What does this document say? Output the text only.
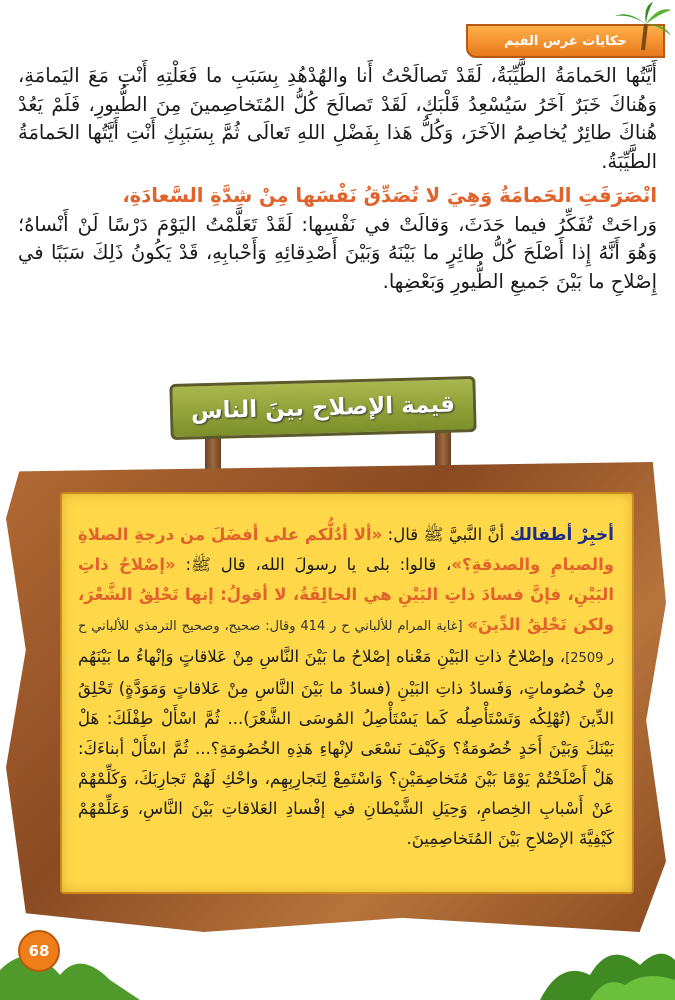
حكايات غرس القيم

أَيَّتُها الحَمامَةُ الطَّيِّبَةُ، لَقَدْ تَصالَحْتُ أَنا والهُدْهُدِ بِسَبَبِ ما فَعَلْتِهِ أَنْتِ مَعَ اليَمامَةِ، وَهُناكَ خَبَرٌ آخَرُ سَيُسْعِدُ قَلْبَكِ، لَقَدْ تَصالَحَ كُلُّ المُتَخاصِمينَ مِنَ الطُّيورِ، فَلَمْ يَعُدْ هُناكَ طائِرٌ يُخاصِمُ الآخَرَ، وَكُلُّ هَذا بِفَضْلِ اللهِ تَعالَى ثُمَّ بِسَبَبِكِ أَنْتِ أَيَّتُها الحَمامَةُ الطَّيِّبَةُ.

انْصَرَفَتِ الحَمامَةُ وَهِيَ لا تُصَدِّقُ نَفْسَها مِنْ شِدَّةِ السَّعادَةِ،

وَراحَتْ تُفَكِّرُ فيما حَدَثَ، وَقالَتْ في نَفْسِها: لَقَدْ تَعَلَّمْتُ اليَوْمَ دَرْسًا لَنْ أَنْساهُ؛ وَهُوَ أَنَّهُ إِذا أَصْلَحَ كُلُّ طائِرٍ ما بَيْنَهُ وَبَيْنَ أَصْدِقائِهِ وَأَحْبابِهِ، قَدْ يَكُونُ ذَلِكَ سَبَبًا في إِصْلاحِ ما بَيْنَ جَميعِ الطُّيورِ وَبَعْضِها.

قيمة الإصلاح بينَ الناس
أخبِرْ أطفالك أنَّ النَّبيَّ ﷺ قال: «ألا أدُلُّكم على أفضَلَ من درجةِ الصلاةِ والصيامِ والصدقةِ؟»، قالوا: بلى يا رسولَ الله، قال ﷺ: «إصْلاحُ ذاتِ البَيْنِ، فإنَّ فسادَ ذاتِ البَيْنِ هي الحالِقَةُ، لا أقولُ: إنها تَحْلِقُ الشَّعْرَ، ولكن تَحْلِقُ الدِّينَ» [غاية المرام للألباني ح ر 414 وقال: صحيح، وصحيح الترمذي للألباني ح ر 2509]، وإصْلاحُ ذاتِ البَيْنِ مَعْناه إصْلاحُ ما بَيْنَ النَّاسِ مِنْ عَلاقاتٍ وَإنْهاءُ ما بَيْنَهُم مِنْ خُصُوماتٍ، وَفَسادُ ذاتِ البَيْنِ (فسادُ ما بَيْنَ النَّاسِ مِنْ عَلاقاتٍ وَمَوَدَّةٍ) تَحْلِقُ الدِّينَ (تُهْلِكُه وَتَسْتَأْصِلُه كَما يَسْتَأْصِلُ المُوسَى الشَّعْرَ)... ثُمَّ اسْأَلْ طِفْلَكَ: هَلْ بَيْنَكَ وَبَيْنَ أَحَدٍ خُصُومَةٌ؟ وَكَيْفَ نَسْعَى لإنْهاءِ هَذِهِ الخُصُومَةِ؟... ثُمَّ اسْأَلْ أبناءَكَ: هَلْ أَصْلَحْتُمْ يَوْمًا بَيْنَ مُتَخاصِمَيْنِ؟ وَاسْتَمِعْ لِتَجارِبِهِم، واحْكِ لَهُمْ تَجارِبَكَ، وَكَلِّمْهُمْ عَنْ أَسْبابِ الخِصامِ، وَحِيَلِ الشَّيْطانِ في إفْسادِ العَلاقاتِ بَيْنَ النَّاسِ، وَعَلِّمْهُمْ كَيْفِيَّةَ الإصْلاحِ بَيْنَ المُتَخاصِمِينَ.
68
